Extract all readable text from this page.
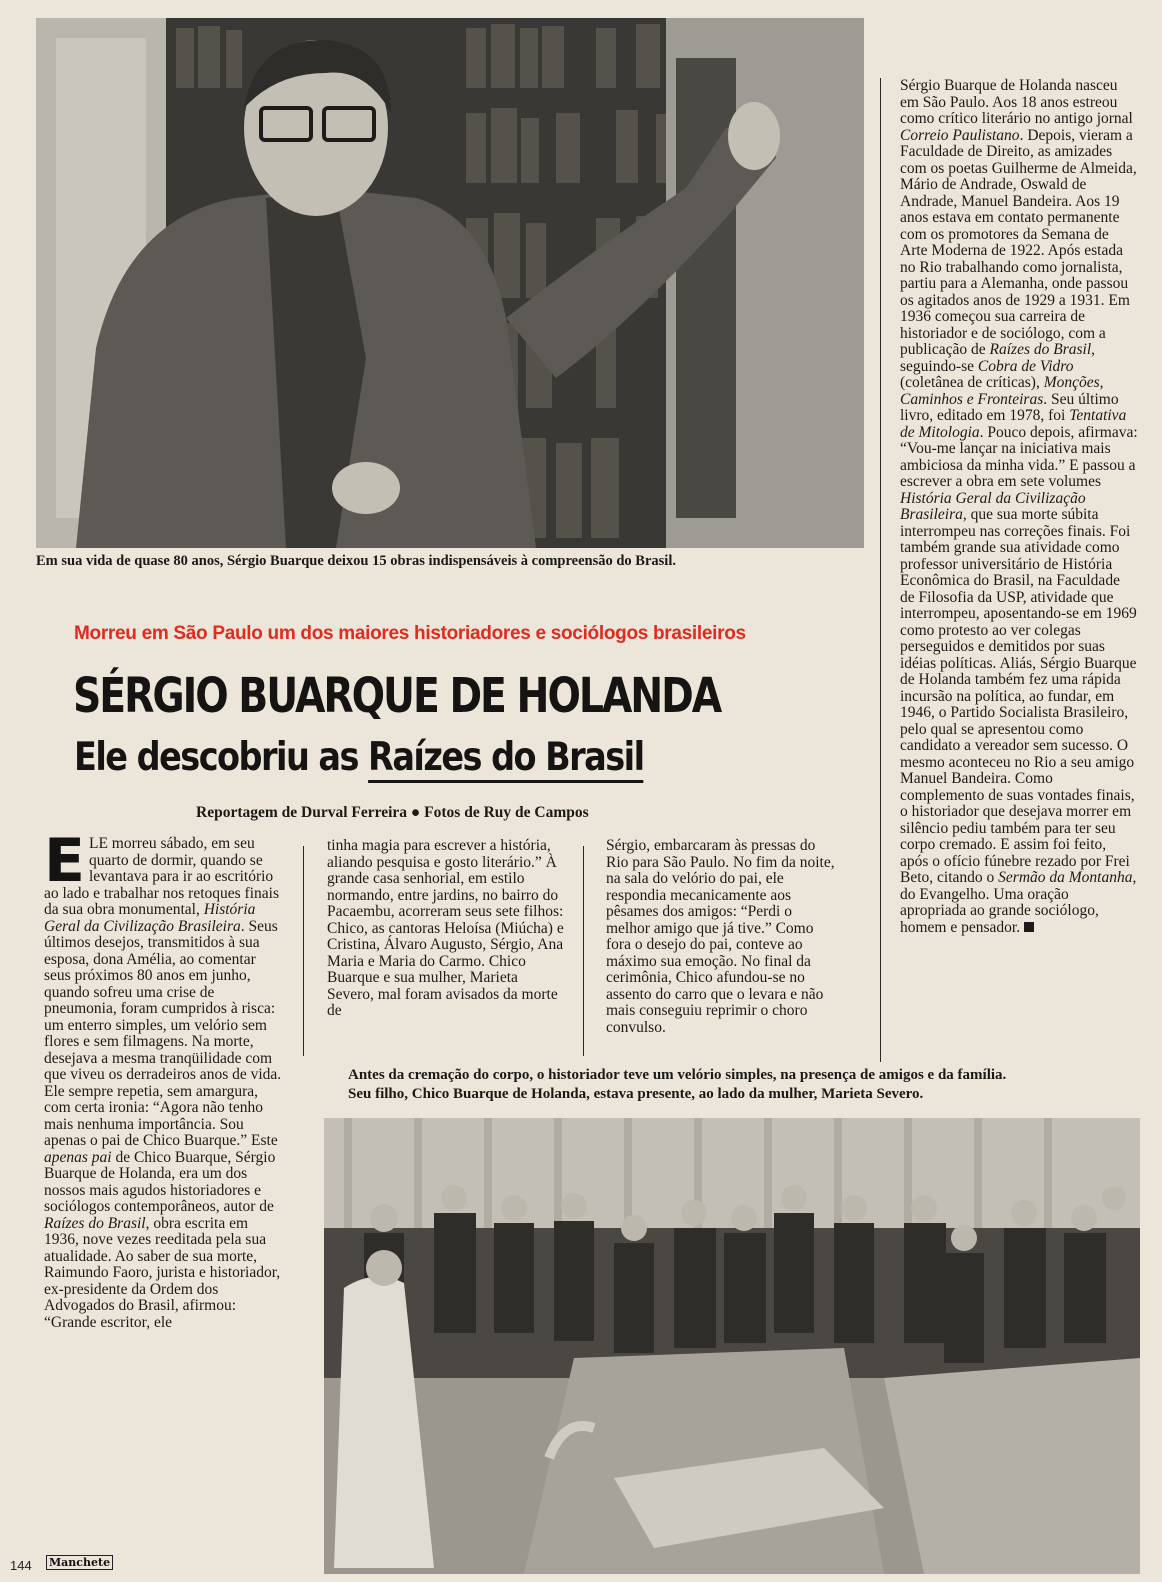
Em sua vida de quase 80 anos, Sérgio Buarque deixou 15 obras indispensáveis à compreensão do Brasil.
Morreu em São Paulo um dos maiores historiadores e sociólogos brasileiros
SÉRGIO BUARQUE DE HOLANDA
Ele descobriu as Raízes do Brasil
Reportagem de Durval Ferreira ● Fotos de Ruy de Campos
ELE morreu sábado, em seu quarto de dormir, quando se levantava para ir ao escritório ao lado e trabalhar nos retoques finais da sua obra monumental, História Geral da Civilização Brasileira. Seus últimos desejos, transmitidos à sua esposa, dona Amélia, ao comentar seus próximos 80 anos em junho, quando sofreu uma crise de pneumonia, foram cumpridos à risca: um enterro simples, um velório sem flores e sem filmagens. Na morte, desejava a mesma tranqüilidade com que viveu os derradeiros anos de vida. Ele sempre repetia, sem amargura, com certa ironia: “Agora não tenho mais nenhuma importância. Sou apenas o pai de Chico Buarque.” Este apenas pai de Chico Buarque, Sérgio Buarque de Holanda, era um dos nossos mais agudos historiadores e sociólogos contemporâneos, autor de Raízes do Brasil, obra escrita em 1936, nove vezes reeditada pela sua atualidade. Ao saber de sua morte, Raimundo Faoro, jurista e historiador, ex-presidente da Ordem dos Advogados do Brasil, afirmou: “Grande escritor, ele
tinha magia para escrever a história, aliando pesquisa e gosto literário.” À grande casa senhorial, em estilo normando, entre jardins, no bairro do Pacaembu, acorreram seus sete filhos: Chico, as cantoras Heloísa (Miúcha) e Cristina, Álvaro Augusto, Sérgio, Ana Maria e Maria do Carmo. Chico Buarque e sua mulher, Marieta Severo, mal foram avisados da morte de
Sérgio, embarcaram às pressas do Rio para São Paulo. No fim da noite, na sala do velório do pai, ele respondia mecanicamente aos pêsames dos amigos: “Perdi o melhor amigo que já tive.” Como fora o desejo do pai, conteve ao máximo sua emoção. No final da cerimônia, Chico afundou-se no assento do carro que o levara e não mais conseguiu reprimir o choro convulso.
Sérgio Buarque de Holanda nasceu em São Paulo. Aos 18 anos estreou como crítico literário no antigo jornal Correio Paulistano. Depois, vieram a Faculdade de Direito, as amizades com os poetas Guilherme de Almeida, Mário de Andrade, Oswald de Andrade, Manuel Bandeira. Aos 19 anos estava em contato permanente com os promotores da Semana de Arte Moderna de 1922. Após estada no Rio trabalhando como jornalista, partiu para a Alemanha, onde passou os agitados anos de 1929 a 1931. Em 1936 começou sua carreira de historiador e de sociólogo, com a publicação de Raízes do Brasil, seguindo-se Cobra de Vidro (coletânea de críticas), Monções, Caminhos e Fronteiras. Seu último livro, editado em 1978, foi Tentativa de Mitologia. Pouco depois, afirmava: “Vou-me lançar na iniciativa mais ambiciosa da minha vida.” E passou a escrever a obra em sete volumes História Geral da Civilização Brasileira, que sua morte súbita interrompeu nas correções finais. Foi também grande sua atividade como professor universitário de História Econômica do Brasil, na Faculdade de Filosofia da USP, atividade que interrompeu, aposentando-se em 1969 como protesto ao ver colegas perseguidos e demitidos por suas idéias políticas. Aliás, Sérgio Buarque de Holanda também fez uma rápida incursão na política, ao fundar, em 1946, o Partido Socialista Brasileiro, pelo qual se apresentou como candidato a vereador sem sucesso. O mesmo aconteceu no Rio a seu amigo Manuel Bandeira. Como complemento de suas vontades finais, o historiador que desejava morrer em silêncio pediu também para ter seu corpo cremado. E assim foi feito, após o ofício fúnebre rezado por Frei Beto, citando o Sermão da Montanha, do Evangelho. Uma oração apropriada ao grande sociólogo, homem e pensador.
Antes da cremação do corpo, o historiador teve um velório simples, na presença de amigos e da família.
Seu filho, Chico Buarque de Holanda, estava presente, ao lado da mulher, Marieta Severo.
144 Manchete
